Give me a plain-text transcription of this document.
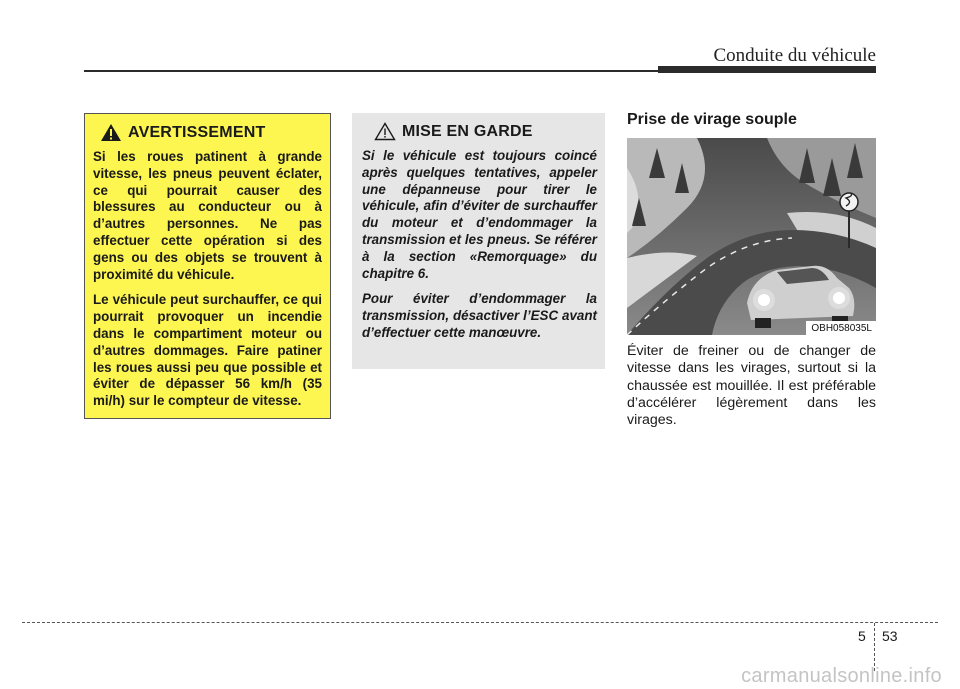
Conduite du véhicule
AVERTISSEMENT

Si les roues patinent à grande vitesse, les pneus peuvent éclater, ce qui pourrait causer des blessures au conducteur ou à d’autres personnes. Ne pas effectuer cette opération si des gens ou des objets se trouvent à proximité du véhicule.

Le véhicule peut surchauffer, ce qui pourrait provoquer un incendie dans le compartiment moteur ou d’autres dommages. Faire patiner les roues aussi peu que possible et éviter de dépasser 56 km/h (35 mi/h) sur le compteur de vitesse.

MISE EN GARDE

Si le véhicule est toujours coincé après quelques tentatives, appeler une dépanneuse pour tirer le véhicule, afin d’éviter de surchauffer du moteur et d’endommager la transmission et les pneus. Se référer à la section «Remorquage» du chapitre 6.

Pour éviter d’endommager la transmission, désactiver l’ESC avant d’effectuer cette manœuvre.

Prise de virage souple
OBH058035L

Éviter de freiner ou de changer de vitesse dans les virages, surtout si la chaussée est mouillée. Il est préférable d’accélérer légèrement dans les virages.

5 53
carmanualsonline.info
